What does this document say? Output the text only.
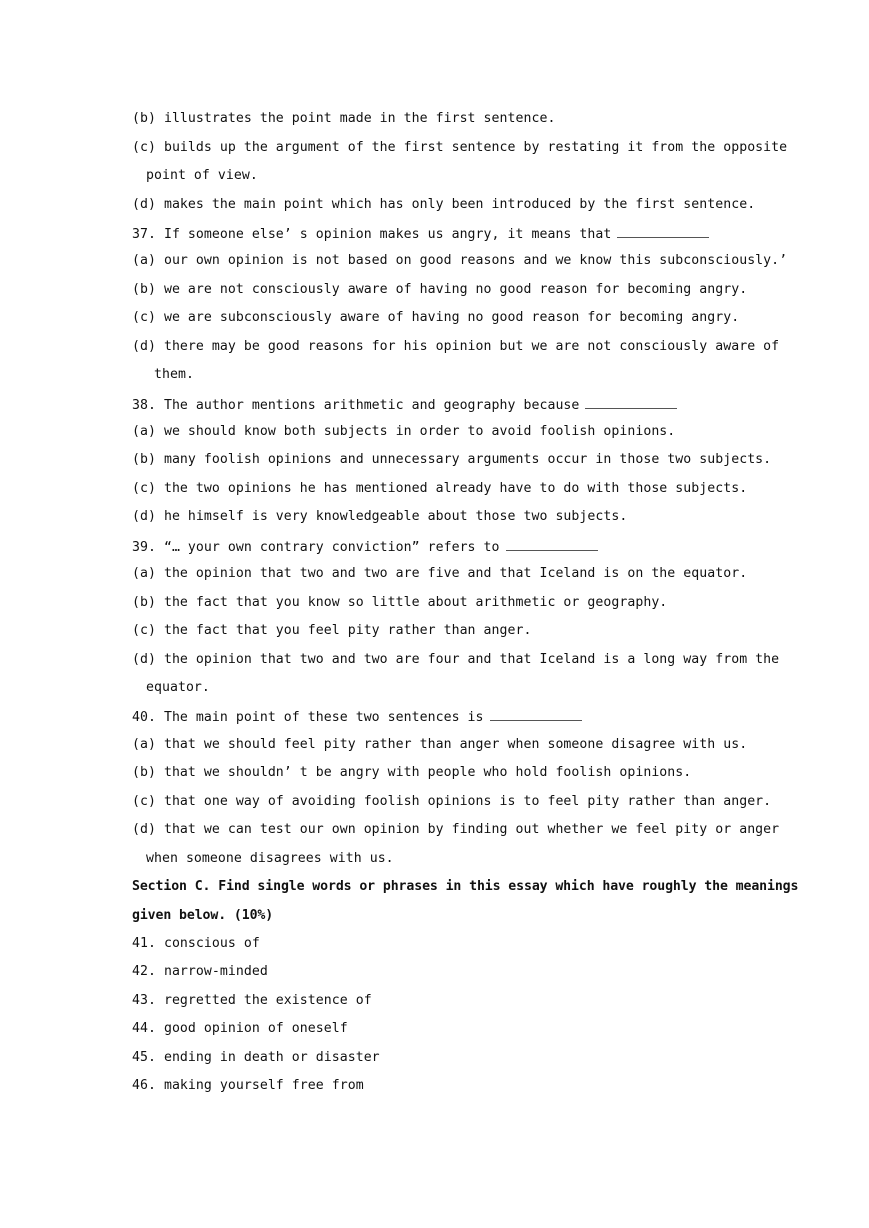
(b) illustrates the point made in the first sentence.
(c) builds up the argument of the first sentence by restating it from the opposite
point of view.
(d) makes the main point which has only been introduced by the first sentence.
37. If someone else’ s opinion makes us angry, it means that
(a) our own opinion is not based on good reasons and we know this subconsciously.’
(b) we are not consciously aware of having no good reason for becoming angry.
(c) we are subconsciously aware of having no good reason for becoming angry.
(d) there may be good reasons for his opinion but we are not consciously aware of
them.
38. The author mentions arithmetic and geography because
(a) we should know both subjects in order to avoid foolish opinions.
(b) many foolish opinions and unnecessary arguments occur in those two subjects.
(c) the two opinions he has mentioned already have to do with those subjects.
(d) he himself is very knowledgeable about those two subjects.
39. “… your own contrary conviction” refers to
(a) the opinion that two and two are five and that Iceland is on the equator.
(b) the fact that you know so little about arithmetic or geography.
(c) the fact that you feel pity rather than anger.
(d) the opinion that two and two are four and that Iceland is a long way from the
equator.
40. The main point of these two sentences is
(a) that we should feel pity rather than anger when someone disagree with us.
(b) that we shouldn’ t be angry with people who hold foolish opinions.
(c) that one way of avoiding foolish opinions is to feel pity rather than anger.
(d) that we can test our own opinion by finding out whether we feel pity or anger
when someone disagrees with us.
Section C. Find single words or phrases in this essay which have roughly the meanings
given below. (10%)
41. conscious of
42. narrow-minded
43. regretted the existence of
44. good opinion of oneself
45. ending in death or disaster
46. making yourself free from
